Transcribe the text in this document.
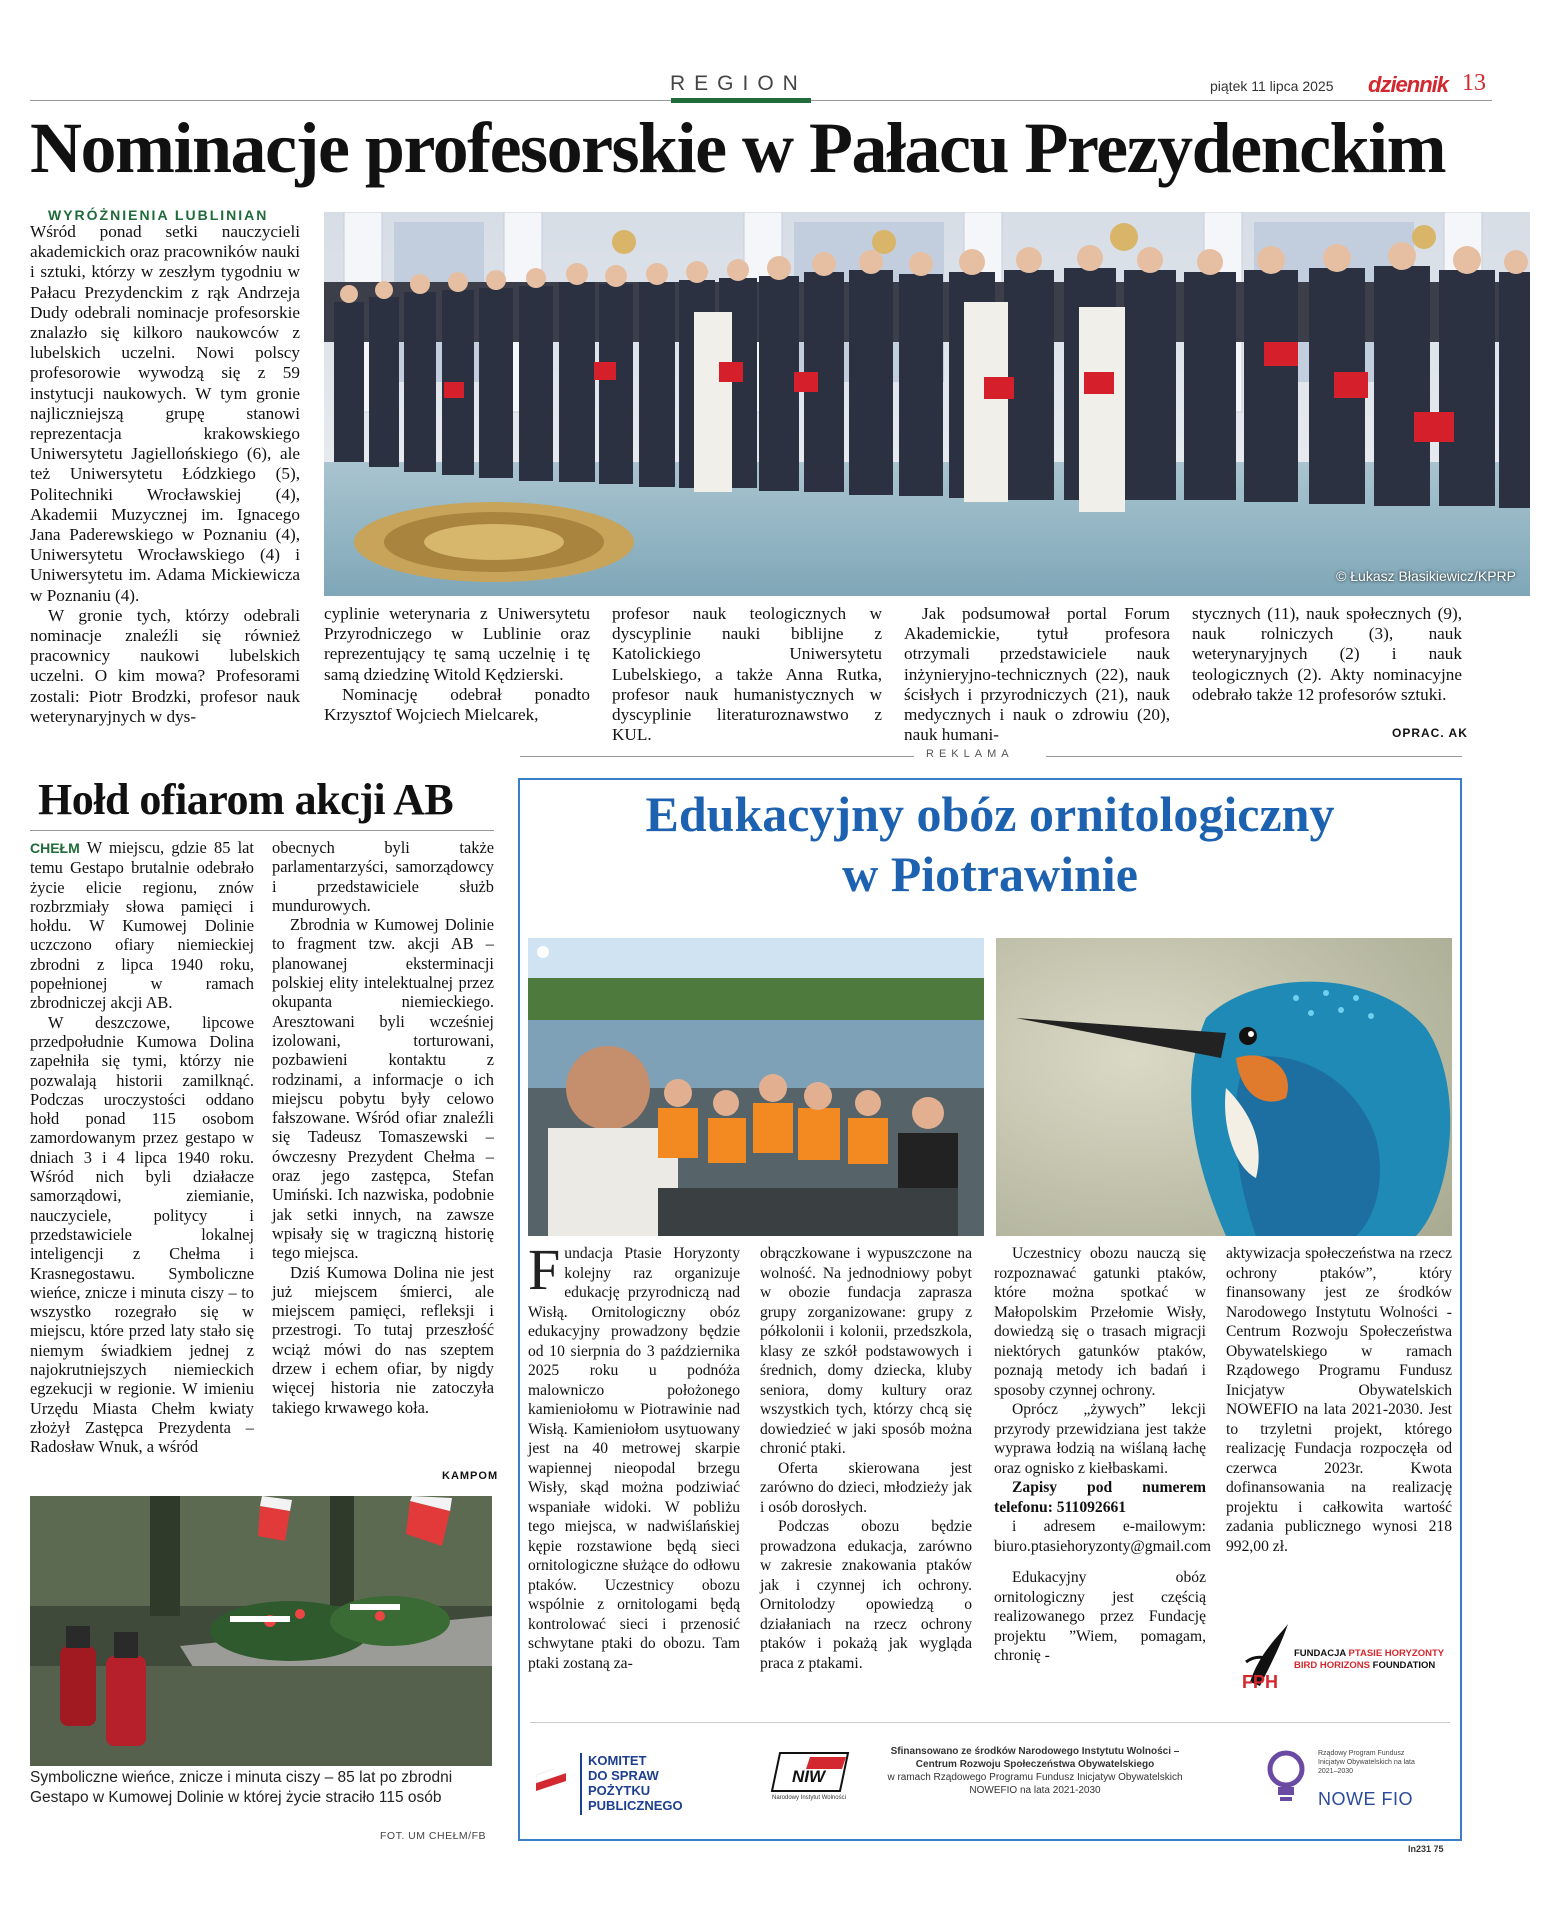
REGION	piątek 11 lipca 2025 dziennik 13
Nominacje profesorskie w Pałacu Prezydenckim
WYRÓŻNIENIA LUBLINIAN

Wśród ponad setki nauczycieli akademickich oraz pracowników nauki i sztuki, którzy w zeszłym tygodniu w Pałacu Prezydenckim z rąk Andrzeja Dudy odebrali nominacje profesorskie znalazło się kilkoro naukowców z lubelskich uczelni. Nowi polscy profesorowie wywodzą się z 59 instytucji naukowych. W tym gronie najliczniejszą grupę stanowi reprezentacja krakowskiego Uniwersytetu Jagiellońskiego (6), ale też Uniwersytetu Łódzkiego (5), Politechniki Wrocławskiej (4), Akademii Muzycznej im. Ignacego Jana Paderewskiego w Poznaniu (4), Uniwersytetu Wrocławskiego (4) i Uniwersytetu im. Adama Mickiewicza w Poznaniu (4).

W gronie tych, którzy odebrali nominacje znaleźli się również pracownicy naukowi lubelskich uczelni. O kim mowa? Profesorami zostali: Piotr Brodzki, profesor nauk weterynaryjnych w dys-

© Łukasz Błasikiewicz/KPRP

cyplinie weterynaria z Uniwersytetu Przyrodniczego w Lublinie oraz reprezentujący tę samą uczelnię i tę samą dziedzinę Witold Kędzierski.

Nominację odebrał ponadto Krzysztof Wojciech Mielcarek,

profesor nauk teologicznych w dyscyplinie nauki biblijne z Katolickiego Uniwersytetu Lubelskiego, a także Anna Rutka, profesor nauk humanistycznych w dyscyplinie literaturoznawstwo z KUL.

Jak podsumował portal Forum Akademickie, tytuł profesora otrzymali przedstawiciele nauk inżynieryjno-technicznych (22), nauk ścisłych i przyrodniczych (21), nauk medycznych i nauk o zdrowiu (20), nauk humani-

stycznych (11), nauk społecznych (9), nauk rolniczych (3), nauk weterynaryjnych (2) i nauk teologicznych (2). Akty nominacyjne odebrało także 12 profesorów sztuki.

OPRAC. AK
REKLAMA
Hołd ofiarom akcji AB

CHEŁM W miejscu, gdzie 85 lat temu Gestapo brutalnie odebrało życie elicie regionu, znów rozbrzmiały słowa pamięci i hołdu. W Kumowej Dolinie uczczono ofiary niemieckiej zbrodni z lipca 1940 roku, popełnionej w ramach zbrodniczej akcji AB.

W deszczowe, lipcowe przedpołudnie Kumowa Dolina zapełniła się tymi, którzy nie pozwalają historii zamilknąć. Podczas uroczystości oddano hołd ponad 115 osobom zamordowanym przez gestapo w dniach 3 i 4 lipca 1940 roku. Wśród nich byli działacze samorządowi, ziemianie, nauczyciele, politycy i przedstawiciele lokalnej inteligencji z Chełma i Krasnegostawu. Symboliczne wieńce, znicze i minuta ciszy – to wszystko rozegrało się w miejscu, które przed laty stało się niemym świadkiem jednej z najokrutniejszych niemieckich egzekucji w regionie. W imieniu Urzędu Miasta Chełm kwiaty złożył Zastępca Prezydenta – Radosław Wnuk, a wśród

obecnych byli także parlamentarzyści, samorządowcy i przedstawiciele służb mundurowych.

Zbrodnia w Kumowej Dolinie to fragment tzw. akcji AB – planowanej eksterminacji polskiej elity intelektualnej przez okupanta niemieckiego. Aresztowani byli wcześniej izolowani, torturowani, pozbawieni kontaktu z rodzinami, a informacje o ich miejscu pobytu były celowo fałszowane. Wśród ofiar znaleźli się Tadeusz Tomaszewski – ówczesny Prezydent Chełma – oraz jego zastępca, Stefan Umiński. Ich nazwiska, podobnie jak setki innych, na zawsze wpisały się w tragiczną historię tego miejsca.

Dziś Kumowa Dolina nie jest już miejscem śmierci, ale miejscem pamięci, refleksji i przestrogi. To tutaj przeszłość wciąż mówi do nas szeptem drzew i echem ofiar, by nigdy więcej historia nie zatoczyła takiego krwawego koła.

KAMPOM
Symboliczne wieńce, znicze i minuta ciszy – 85 lat po zbrodni Gestapo w Kumowej Dolinie w której życie straciło 115 osób
FOT. UM CHEŁM/FB
Edukacyjny obóz ornitologiczny
w Piotrawinie

Fundacja Ptasie Horyzonty kolejny raz organizuje edukację przyrodniczą nad Wisłą. Ornitologiczny obóz edukacyjny prowadzony będzie od 10 sierpnia do 3 października 2025 roku u podnóża malowniczo położonego kamieniołomu w Piotrawinie nad Wisłą. Kamieniołom usytuowany jest na 40 metrowej skarpie wapiennej nieopodal brzegu Wisły, skąd można podziwiać wspaniałe widoki. W pobliżu tego miejsca, w nadwiślańskiej kępie rozstawione będą sieci ornitologiczne służące do odłowu ptaków. Uczestnicy obozu wspólnie z ornitologami będą kontrolować sieci i przenosić schwytane ptaki do obozu. Tam ptaki zostaną za-

obrączkowane i wypuszczone na wolność. Na jednodniowy pobyt w obozie fundacja zaprasza grupy zorganizowane: grupy z półkolonii i kolonii, przedszkola, klasy ze szkół podstawowych i średnich, domy dziecka, kluby seniora, domy kultury oraz wszystkich tych, którzy chcą się dowiedzieć w jaki sposób można chronić ptaki.

Oferta skierowana jest zarówno do dzieci, młodzieży jak i osób dorosłych.

Podczas obozu będzie prowadzona edukacja, zarówno w zakresie znakowania ptaków jak i czynnej ich ochrony. Ornitolodzy opowiedzą o działaniach na rzecz ochrony ptaków i pokażą jak wygląda praca z ptakami.

Uczestnicy obozu nauczą się rozpoznawać gatunki ptaków, które można spotkać w Małopolskim Przełomie Wisły, dowiedzą się o trasach migracji niektórych gatunków ptaków, poznają metody ich badań i sposoby czynnej ochrony.

Oprócz „żywych” lekcji przyrody przewidziana jest także wyprawa łodzią na wiślaną łachę oraz ognisko z kiełbaskami.

Zapisy pod numerem telefonu: 511092661

i adresem e-mailowym: biuro.ptasiehoryzonty@gmail.com

Edukacyjny obóz ornitologiczny jest częścią realizowanego przez Fundację projektu ”Wiem, pomagam, chronię -

aktywizacja społeczeństwa na rzecz ochrony ptaków”, który finansowany jest ze środków Narodowego Instytutu Wolności - Centrum Rozwoju Społeczeństwa Obywatelskiego w ramach Rządowego Programu Fundusz Inicjatyw Obywatelskich NOWEFIO na lata 2021-2030. Jest to trzyletni projekt, którego realizację Fundacja rozpoczęła od czerwca 2023r. Kwota dofinansowania na realizację projektu i całkowita wartość zadania publicznego wynosi 218 992,00 zł.

FPH
FUNDACJA PTASIE HORYZONTY
BIRD HORIZONS FOUNDATION
KOMITET
DO SPRAW
POŻYTKU
PUBLICZNEGO
NIW
Narodowy Instytut Wolności
Sfinansowano ze środków Narodowego Instytutu Wolności – Centrum Rozwoju Społeczeństwa Obywatelskiego
w ramach Rządowego Programu Fundusz Inicjatyw Obywatelskich NOWEFIO na lata 2021-2030
Rządowy Program Fundusz Inicjatyw Obywatelskich na lata 2021–2030
NOWE FIO
ln231 75
